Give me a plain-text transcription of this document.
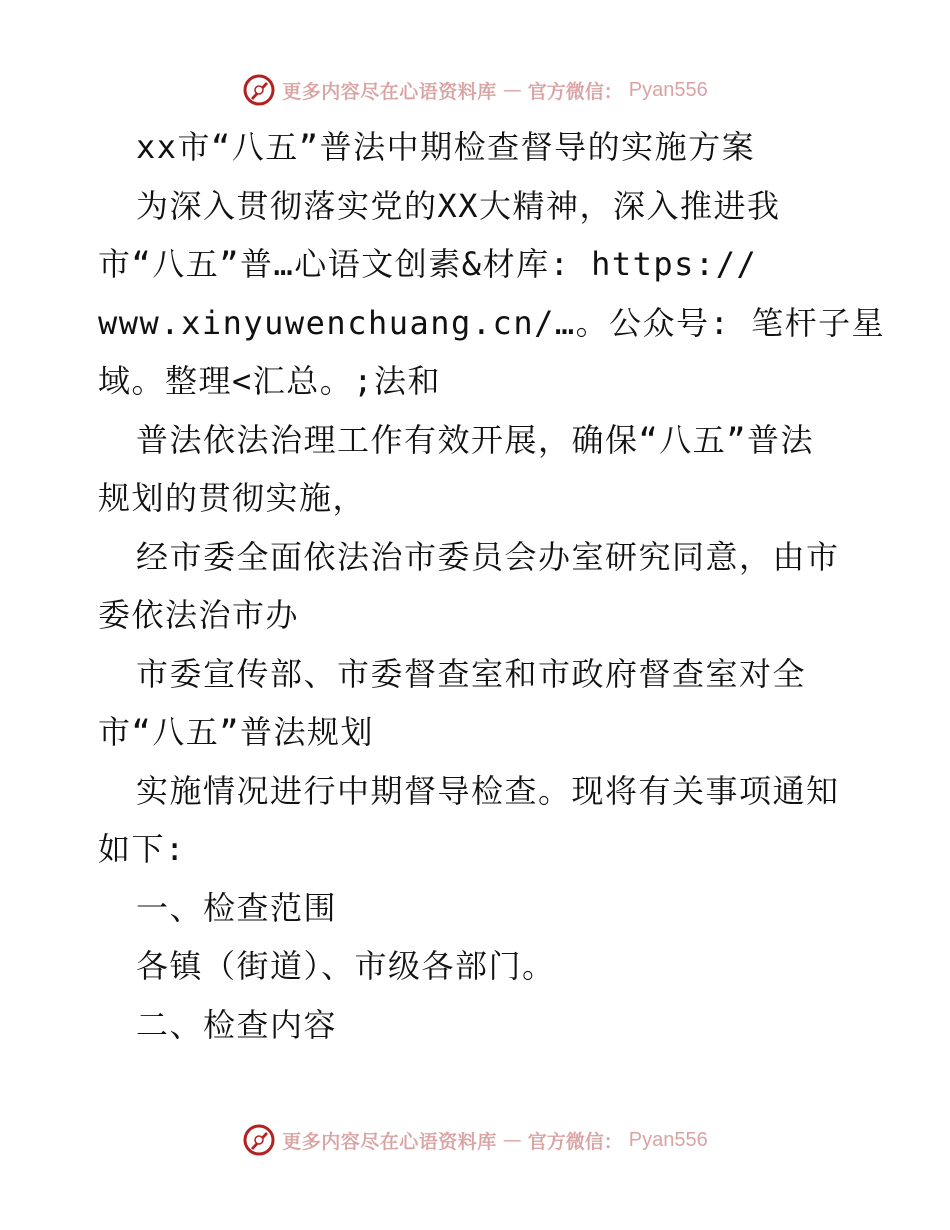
更多内容尽在心语资料库 — 官方微信： Pyan556
xx市“八五”普法中期检查督导的实施方案
为深入贯彻落实党的XX大精神，深入推进我
市“八五”普…心语文创素&材库: https://
www.xinyuwenchuang.cn/…。公众号: 笔杆子星
域。整理<汇总。;法和
普法依法治理工作有效开展，确保“八五”普法
规划的贯彻实施，
经市委全面依法治市委员会办室研究同意，由市
委依法治市办
市委宣传部、市委督查室和市政府督查室对全
市“八五”普法规划
实施情况进行中期督导检查。现将有关事项通知
如下:
一、检查范围
各镇（街道）、市级各部门。
二、检查内容
更多内容尽在心语资料库 — 官方微信： Pyan556
